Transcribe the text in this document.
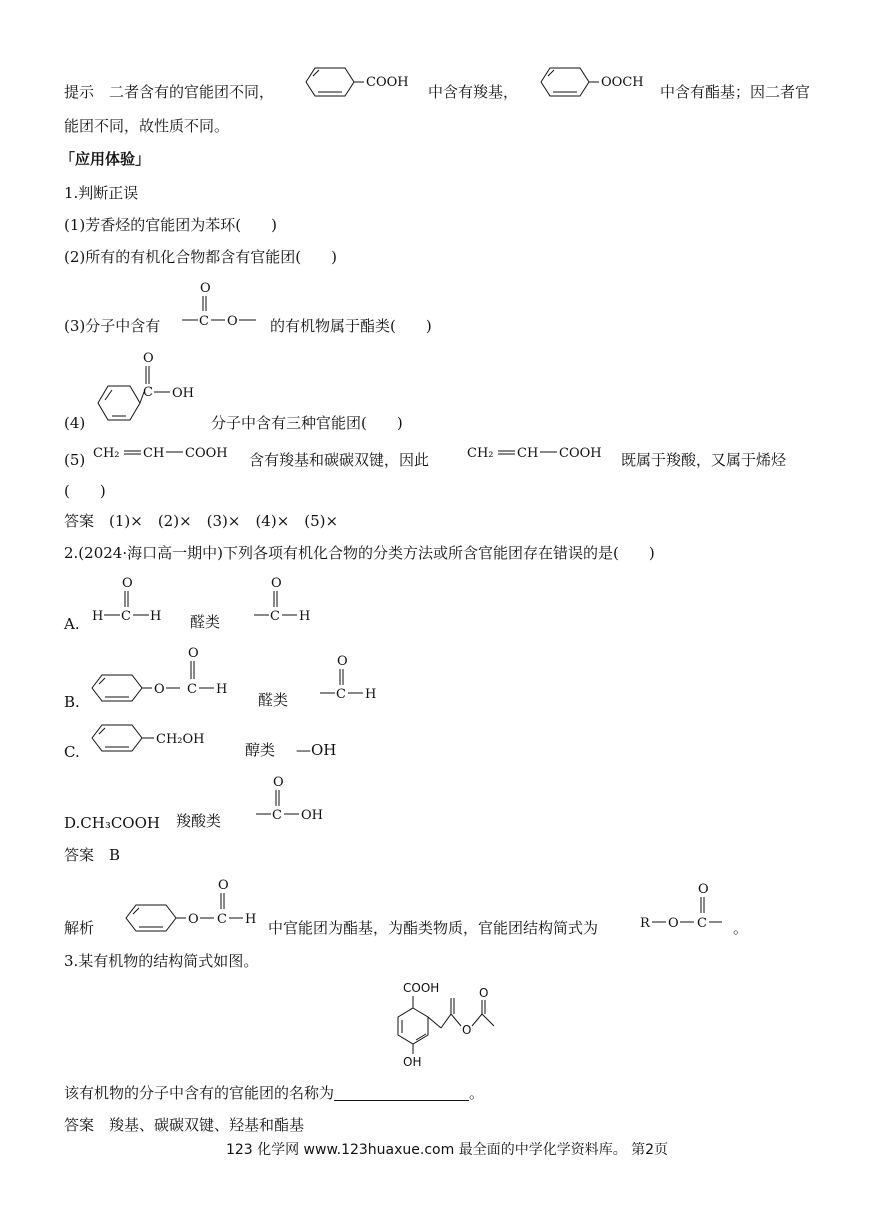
提示　 二者含有的官能团不同，
COOH
中含有羧基，
OOCH
中含有酯基；因二者官
能团不同，故性质不同。
「应用体验」
1.判断正误
(1)芳香烃的官能团为苯环(　　)
(2)所有的有机化合物都含有官能团(　　)
(3)分子中含有
O
C O 的有机物属于酯类(　　)
(4)
O
C OH
分子中含有三种官能团(　　)
(5) CH₂ CH COOH 含有羧基和碳碳双键，因此	CH₂ CH COOH 既属于羧酸，又属于烯烃
(　　)
答案　(1)×　(2)×　(3)×　(4)×　(5)×
2.(2024·海口高一期中)下列各项有机化合物的分类方法或所含官能团存在错误的是(　　)
A.
O
H C H 醛类
O
C H
B.
O
O
C H
醛类
O
C H
C.
CH₂OH
醇类 —OH
D.CH₃COOH 羧酸类
O
C OH
答案　B
解析	O
O
C H 中官能团为酯基，为酯类物质，官能团结构简式为	R O
O
C 。
3.某有机物的结构简式如图。
COOH
OH
O
O
该有机物的分子中含有的官能团的名称为	。
答案　羧基、碳碳双键、羟基和酯基
123 化学网 www.123huaxue.com 最全面的中学化学资料库。 第2页
